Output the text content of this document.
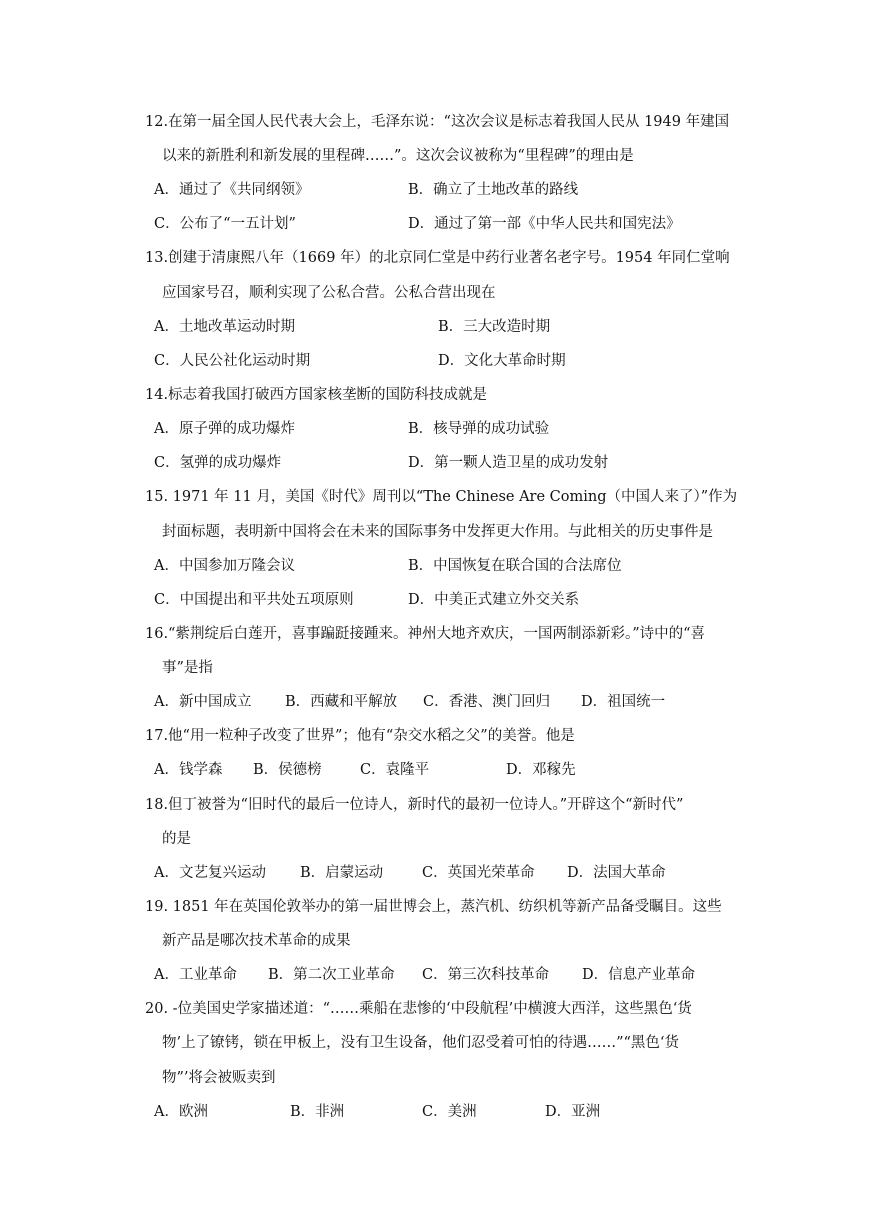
12.在第一届全国人民代表大会上，毛泽东说：“这次会议是标志着我国人民从 1949 年建国
以来的新胜利和新发展的里程碑……”。这次会议被称为“里程碑”的理由是
A．通过了《共同纲领》	B．确立了土地改革的路线
C．公布了“一五计划”	D．通过了第一部《中华人民共和国宪法》
13.创建于清康熙八年（1669 年）的北京同仁堂是中药行业著名老字号。1954 年同仁堂响
应国家号召，顺利实现了公私合营。公私合营出现在
A．土地改革运动时期	B．三大改造时期
C．人民公社化运动时期	D．文化大革命时期
14.标志着我国打破西方国家核垄断的国防科技成就是
A．原子弹的成功爆炸	B．核导弹的成功试验
C．氢弹的成功爆炸	D．第一颗人造卫星的成功发射
15. 1971 年 11 月，美国《时代》周刊以“The Chinese Are Coming（中国人来了）”作为
封面标题，表明新中国将会在未来的国际事务中发挥更大作用。与此相关的历史事件是
A．中国参加万隆会议	B．中国恢复在联合国的合法席位
C．中国提出和平共处五项原则	D．中美正式建立外交关系
16.“紫荆绽后白莲开，喜事蹁跹接踵来。神州大地齐欢庆，一国两制添新彩。”诗中的“喜
事”是指
A．新中国成立 B．西藏和平解放 C．香港、澳门回归 D．祖国统一
17.他“用一粒种子改变了世界”；他有“杂交水稻之父”的美誉。他是
A．钱学森 B．侯德榜	C．袁隆平	D．邓稼先
18.但丁被誉为“旧时代的最后一位诗人，新时代的最初一位诗人。”开辟这个“新时代”
的是
A．文艺复兴运动 B．启蒙运动	C．英国光荣革命 D．法国大革命
19. 1851 年在英国伦敦举办的第一届世博会上，蒸汽机、纺织机等新产品备受瞩目。这些
新产品是哪次技术革命的成果
A．工业革命 B．第二次工业革命 C．第三次科技革命 D．信息产业革命
20. -位美国史学家描述道：“……乘船在悲惨的‘中段航程’中横渡大西洋，这些黑色‘货
物’上了镣铐，锁在甲板上，没有卫生设备，他们忍受着可怕的待遇……”“黑色‘货
物”’将会被贩卖到
A．欧洲	B．非洲	C．美洲	D．亚洲
